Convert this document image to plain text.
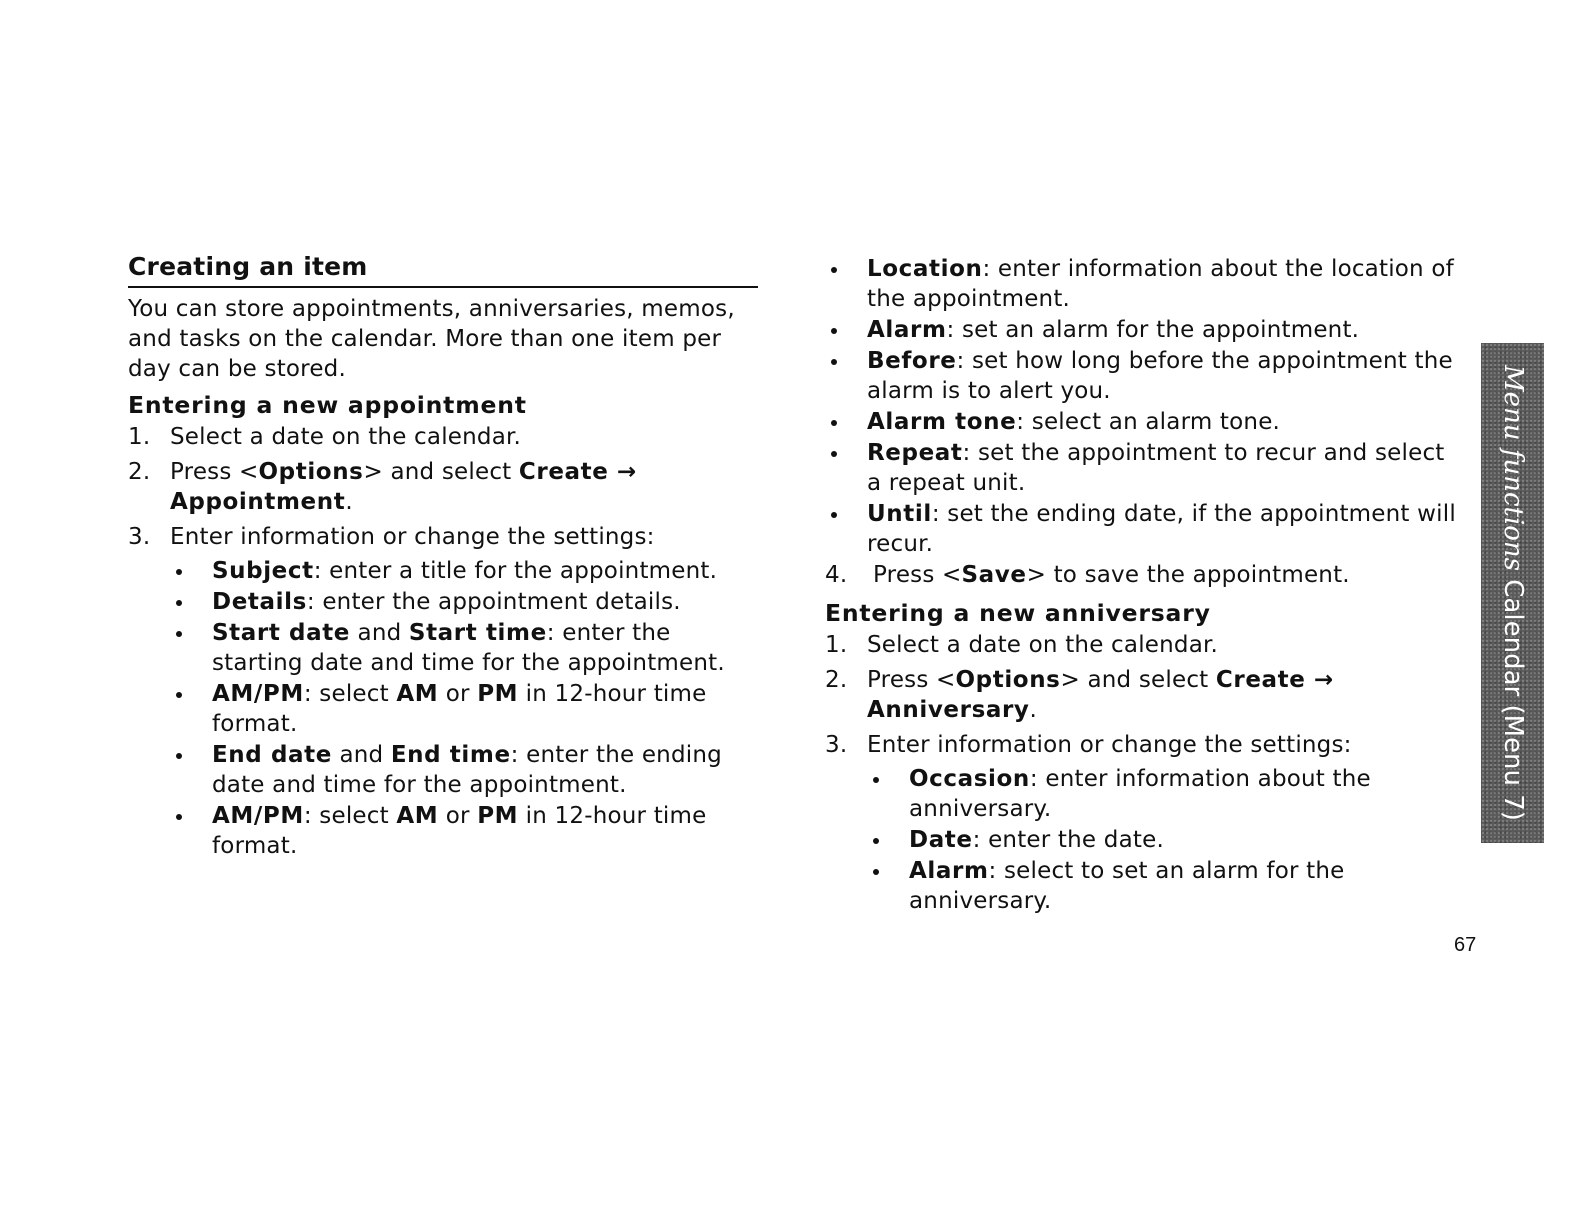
Creating an item

You can store appointments, anniversaries, memos, and tasks on the calendar. More than one item per day can be stored.

Entering a new appointment
1. Select a date on the calendar.
2. Press <Options> and select Create → Appointment.
3. Enter information or change the settings:
Subject: enter a title for the appointment.
Details: enter the appointment details.
Start date and Start time: enter the starting date and time for the appointment.
AM/PM: select AM or PM in 12-hour time format.
End date and End time: enter the ending date and time for the appointment.
AM/PM: select AM or PM in 12-hour time format.
Location: enter information about the location of the appointment.
Alarm: set an alarm for the appointment.
Before: set how long before the appointment the alarm is to alert you.
Alarm tone: select an alarm tone.
Repeat: set the appointment to recur and select a repeat unit.
Until: set the ending date, if the appointment will recur.
4. Press <Save> to save the appointment.
Entering a new anniversary
1. Select a date on the calendar.
2. Press <Options> and select Create → Anniversary.
3. Enter information or change the settings:
Occasion: enter information about the anniversary.
Date: enter the date.
Alarm: select to set an alarm for the anniversary.
Menu functions Calendar (Menu 7)
67
